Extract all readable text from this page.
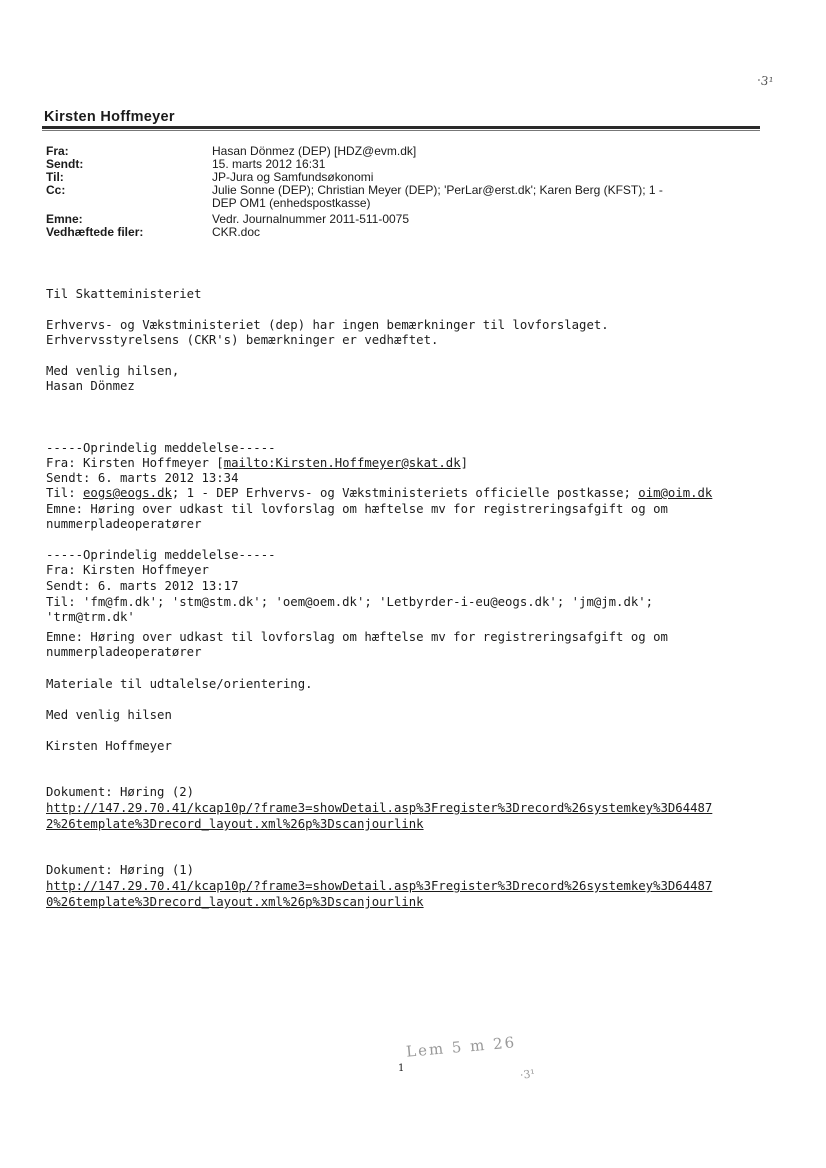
·3¹
Kirsten Hoffmeyer
Fra:	Hasan Dönmez (DEP) [HDZ@evm.dk]
Sendt:	15. marts 2012 16:31
Til:	JP-Jura og Samfundsøkonomi
Cc:	Julie Sonne (DEP); Christian Meyer (DEP); 'PerLar@erst.dk'; Karen Berg (KFST); 1 -
DEP OM1 (enhedspostkasse)
Emne:	Vedr. Journalnummer 2011-511-0075
Vedhæftede filer:	CKR.doc
Til Skatteministeriet
Erhvervs- og Vækstministeriet (dep) har ingen bemærkninger til lovforslaget.
Erhvervsstyrelsens (CKR's) bemærkninger er vedhæftet.
Med venlig hilsen,
Hasan Dönmez
-----Oprindelig meddelelse-----
Fra: Kirsten Hoffmeyer [mailto:Kirsten.Hoffmeyer@skat.dk]
Sendt: 6. marts 2012 13:34
Til: eogs@eogs.dk; 1 - DEP Erhvervs- og Vækstministeriets officielle postkasse; oim@oim.dk
Emne: Høring over udkast til lovforslag om hæftelse mv for registreringsafgift og om
nummerpladeoperatører
-----Oprindelig meddelelse-----
Fra: Kirsten Hoffmeyer
Sendt: 6. marts 2012 13:17
Til: 'fm@fm.dk'; 'stm@stm.dk'; 'oem@oem.dk'; 'Letbyrder-i-eu@eogs.dk'; 'jm@jm.dk';
'trm@trm.dk'
Emne: Høring over udkast til lovforslag om hæftelse mv for registreringsafgift og om
nummerpladeoperatører
Materiale til udtalelse/orientering.
Med venlig hilsen
Kirsten Hoffmeyer
Dokument: Høring (2)
http://147.29.70.41/kcap10p/?frame3=showDetail.asp%3Fregister%3Drecord%26systemkey%3D64487
2%26template%3Drecord_layout.xml%26p%3Dscanjourlink
Dokument: Høring (1)
http://147.29.70.41/kcap10p/?frame3=showDetail.asp%3Fregister%3Drecord%26systemkey%3D64487
0%26template%3Drecord_layout.xml%26p%3Dscanjourlink
Lem 5 m 26
1	·3¹
